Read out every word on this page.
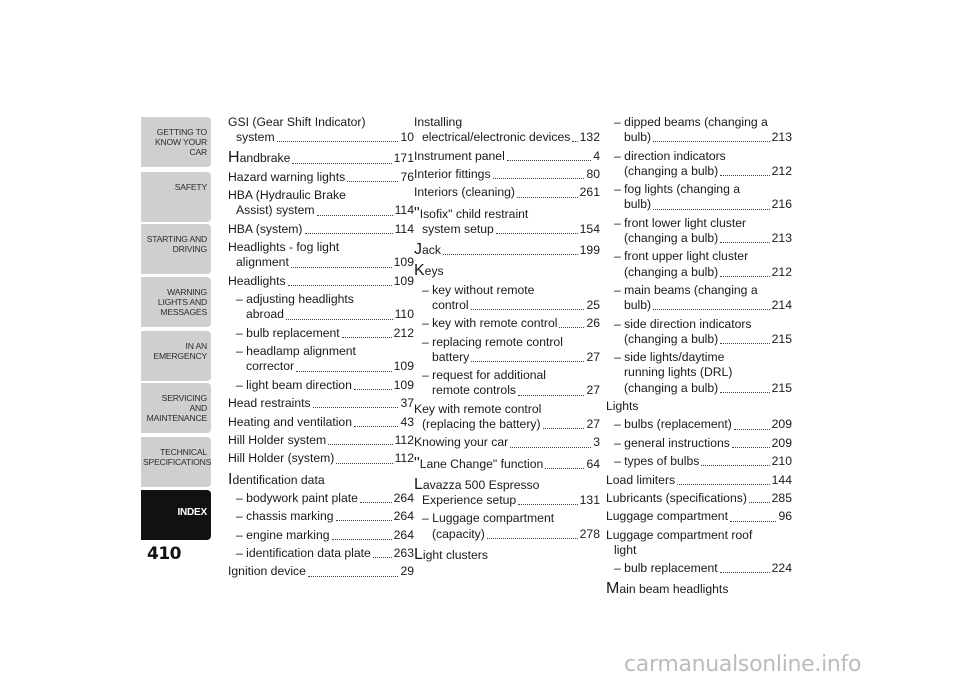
GETTING TO KNOW YOUR CAR
SAFETY
STARTING AND DRIVING
WARNING LIGHTS AND MESSAGES
IN AN EMERGENCY
SERVICING AND MAINTENANCE
TECHNICAL SPECIFICATIONS
INDEX
410
GSI (Gear Shift Indicator)
system	10
Handbrake	171
Hazard warning lights	76
HBA (Hydraulic Brake
Assist) system	114
HBA (system)	114
Headlights - fog light
alignment	109
Headlights	109
– adjusting headlights
abroad	110
– bulb replacement	212
– headlamp alignment
corrector	109
– light beam direction	109
Head restraints	37
Heating and ventilation	43
Hill Holder system	112
Hill Holder (system)	112
Identification data
– bodywork paint plate	264
– chassis marking	264
– engine marking	264
– identification data plate 263
Ignition device	29
Installing
electrical/electronic devices 132
Instrument panel	4
Interior fittings	80
Interiors (cleaning)	261
"Isofix" child restraint
system setup	154
Jack	199
Keys
– key without remote
control	25
– key with remote control 26
– replacing remote control
battery	27
– request for additional
remote controls	27
Key with remote control
(replacing the battery)	27
Knowing your car	3
"Lane Change" function	64
Lavazza 500 Espresso
Experience setup	131
– Luggage compartment
(capacity)	278
Light clusters
– dipped beams (changing a
bulb)	213
– direction indicators
(changing a bulb)	212
– fog lights (changing a
bulb)	216
– front lower light cluster
(changing a bulb)	213
– front upper light cluster
(changing a bulb)	212
– main beams (changing a
bulb)	214
– side direction indicators
(changing a bulb)	215
– side lights/daytime
running lights (DRL)
(changing a bulb)	215
Lights
– bulbs (replacement)	209
– general instructions	209
– types of bulbs	210
Load limiters	144
Lubricants (specifications) 285
Luggage compartment	96
Luggage compartment roof
light
– bulb replacement	224
Main beam headlights
carmanualsonline.info
